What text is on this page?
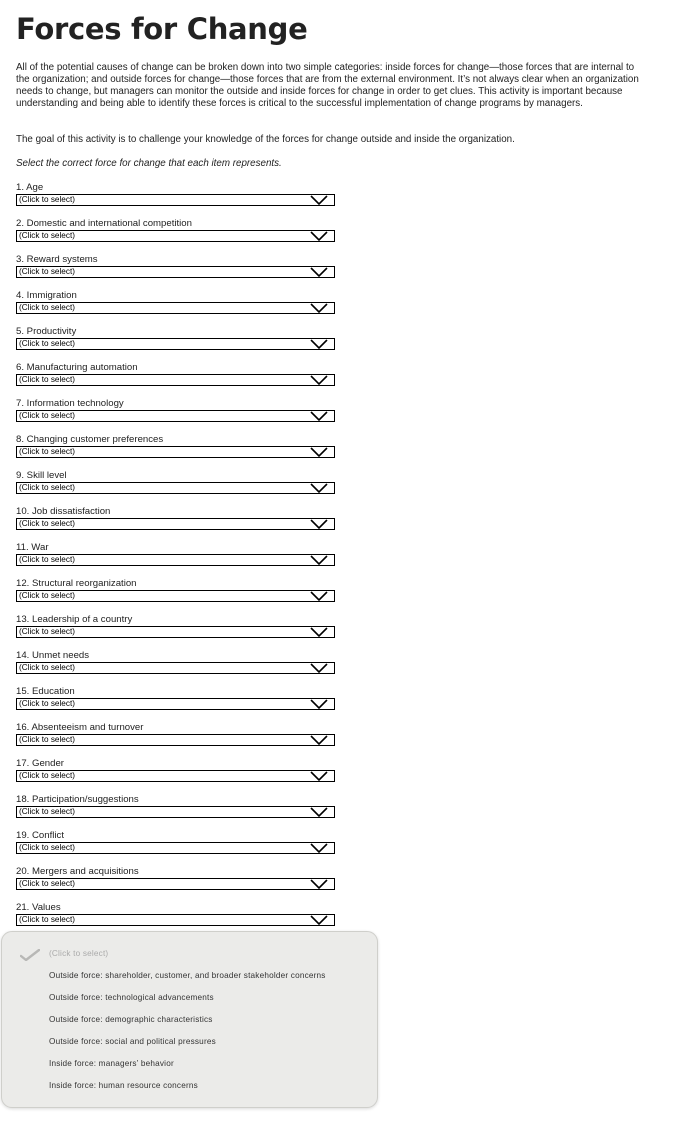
Forces for Change

All of the potential causes of change can be broken down into two simple categories: inside forces for change—those forces that are internal to the organization; and outside forces for change—those forces that are from the external environment. It’s not always clear when an organization needs to change, but managers can monitor the outside and inside forces for change in order to get clues. This activity is important because understanding and being able to identify these forces is critical to the successful implementation of change programs by managers.

The goal of this activity is to challenge your knowledge of the forces for change outside and inside the organization.

Select the correct force for change that each item represents.

1. Age
(Click to select)
2. Domestic and international competition
(Click to select)
3. Reward systems
(Click to select)
4. Immigration
(Click to select)
5. Productivity
(Click to select)
6. Manufacturing automation
(Click to select)
7. Information technology
(Click to select)
8. Changing customer preferences
(Click to select)
9. Skill level
(Click to select)
10. Job dissatisfaction
(Click to select)
11. War
(Click to select)
12. Structural reorganization
(Click to select)
13. Leadership of a country
(Click to select)
14. Unmet needs
(Click to select)
15. Education
(Click to select)
16. Absenteeism and turnover
(Click to select)
17. Gender
(Click to select)
18. Participation/suggestions
(Click to select)
19. Conflict
(Click to select)
20. Mergers and acquisitions
(Click to select)
21. Values
(Click to select)
(Click to select)
Outside force: shareholder, customer, and broader stakeholder concerns
Outside force: technological advancements
Outside force: demographic characteristics
Outside force: social and political pressures
Inside force: managers’ behavior
Inside force: human resource concerns
